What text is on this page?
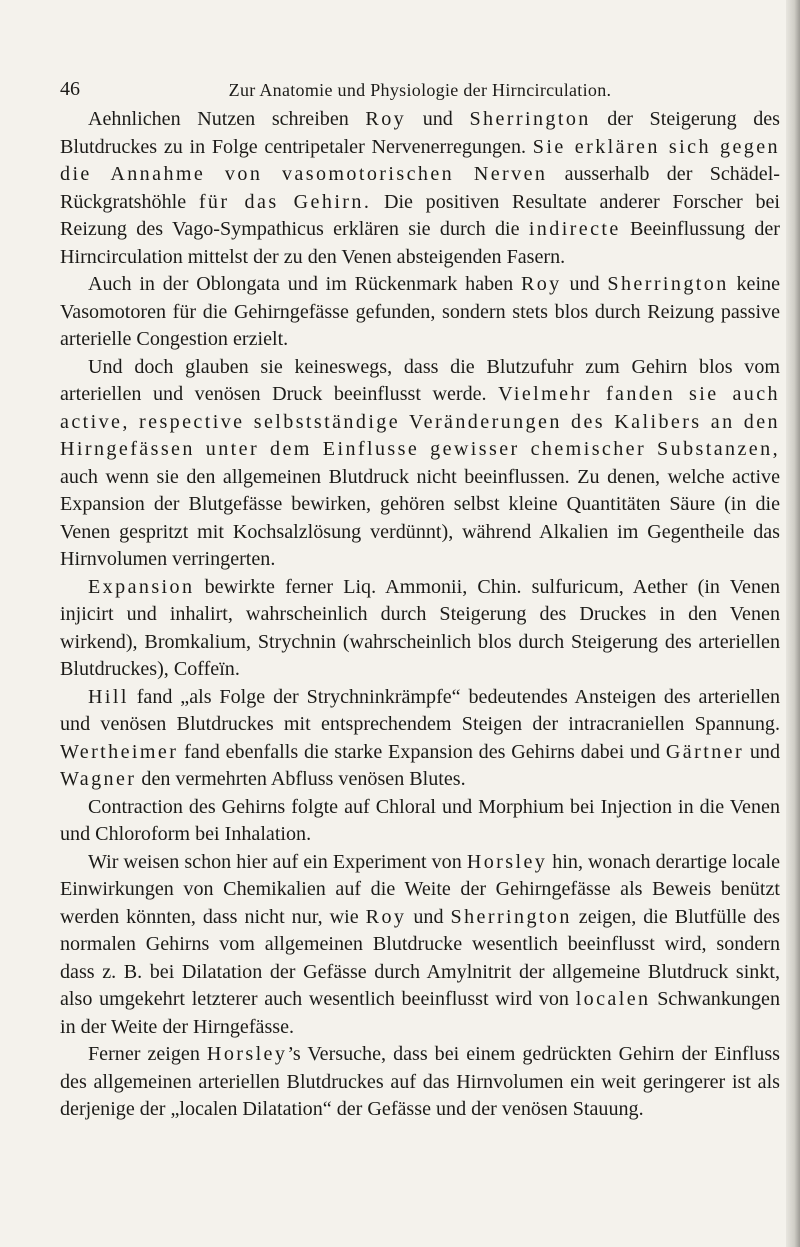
46	Zur Anatomie und Physiologie der Hirncirculation.

Aehnlichen Nutzen schreiben Roy und Sherrington der Steigerung des Blutdruckes zu in Folge centripetaler Nervenerregungen. Sie erklären sich gegen die Annahme von vasomotorischen Nerven ausserhalb der Schädel-Rückgratshöhle für das Gehirn. Die positiven Resultate anderer Forscher bei Reizung des Vago-Sympathicus erklären sie durch die indirecte Beeinflussung der Hirncirculation mittelst der zu den Venen absteigenden Fasern.

Auch in der Oblongata und im Rückenmark haben Roy und Sherrington keine Vasomotoren für die Gehirngefässe gefunden, sondern stets blos durch Reizung passive arterielle Congestion erzielt.

Und doch glauben sie keineswegs, dass die Blutzufuhr zum Gehirn blos vom arteriellen und venösen Druck beeinflusst werde. Vielmehr fanden sie auch active, respective selbstständige Veränderungen des Kalibers an den Hirngefässen unter dem Einflusse gewisser chemischer Substanzen, auch wenn sie den allgemeinen Blutdruck nicht beeinflussen. Zu denen, welche active Expansion der Blutgefässe bewirken, gehören selbst kleine Quantitäten Säure (in die Venen gespritzt mit Kochsalzlösung verdünnt), während Alkalien im Gegentheile das Hirnvolumen verringerten.

Expansion bewirkte ferner Liq. Ammonii, Chin. sulfuricum, Aether (in Venen injicirt und inhalirt, wahrscheinlich durch Steigerung des Druckes in den Venen wirkend), Bromkalium, Strychnin (wahrscheinlich blos durch Steigerung des arteriellen Blutdruckes), Coffeïn.

Hill fand „als Folge der Strychninkrämpfe“ bedeutendes Ansteigen des arteriellen und venösen Blutdruckes mit entsprechendem Steigen der intracraniellen Spannung. Wertheimer fand ebenfalls die starke Expansion des Gehirns dabei und Gärtner und Wagner den vermehrten Abfluss venösen Blutes.

Contraction des Gehirns folgte auf Chloral und Morphium bei Injection in die Venen und Chloroform bei Inhalation.

Wir weisen schon hier auf ein Experiment von Horsley hin, wonach derartige locale Einwirkungen von Chemikalien auf die Weite der Gehirngefässe als Beweis benützt werden könnten, dass nicht nur, wie Roy und Sherrington zeigen, die Blutfülle des normalen Gehirns vom allgemeinen Blutdrucke wesentlich beeinflusst wird, sondern dass z. B. bei Dilatation der Gefässe durch Amylnitrit der allgemeine Blutdruck sinkt, also umgekehrt letzterer auch wesentlich beeinflusst wird von localen Schwankungen in der Weite der Hirngefässe.

Ferner zeigen Horsley’s Versuche, dass bei einem gedrückten Gehirn der Einfluss des allgemeinen arteriellen Blutdruckes auf das Hirnvolumen ein weit geringerer ist als derjenige der „localen Dilatation“ der Gefässe und der venösen Stauung.
